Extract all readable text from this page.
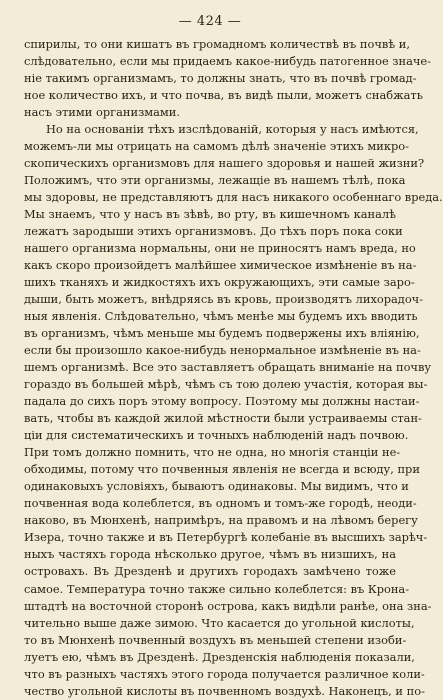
— 424 —
спирилы, то они кишатъ въ громадномъ количествѣ въ почвѣ и,
слѣдовательно, если мы придаемъ какое-нибудь патогенное значе-
ніе такимъ организмамъ, то должны знать, что въ почвѣ громад-
ное количество ихъ, и что почва, въ видѣ пыли, можетъ снабжать
насъ этими организмами.
Но на основаніи тѣхъ изслѣдованій, которыя у насъ имѣются,
можемъ-ли мы отрицать на самомъ дѣлѣ значеніе этихъ микро-
скопическихъ организмовъ для нашего здоровья и нашей жизни?
Положимъ, что эти организмы, лежащіе въ нашемъ тѣлѣ, пока
мы здоровы, не представляютъ для насъ никакого особеннаго вреда.
Мы знаемъ, что у насъ въ зѣвѣ, во рту, въ кишечномъ каналѣ
лежатъ зародыши этихъ организмовъ. До тѣхъ поръ пока соки
нашего организма нормальны, они не приносятъ намъ вреда, но
какъ скоро произойдетъ малѣйшее химическое измѣненіе въ на-
шихъ тканяхъ и жидкостяхъ ихъ окружающихъ, эти самые заро-
дыши, быть можетъ, внѣдряясь въ кровь, производятъ лихорадоч-
ныя явленія. Слѣдовательно, чѣмъ менѣе мы будемъ ихъ вводить
въ организмъ, чѣмъ меньше мы будемъ подвержены ихъ вліянію,
если бы произошло какое-нибудь ненормальное измѣненіе въ на-
шемъ организмѣ. Все это заставляетъ обращать вниманіе на почву
гораздо въ большей мѣрѣ, чѣмъ съ тою долею участія, которая вы-
падала до сихъ поръ этому вопросу. Поэтому мы должны настаи-
вать, чтобы въ каждой жилой мѣстности были устраиваемы стан-
ціи для систематическихъ и точныхъ наблюденій надъ почвою.
При томъ должно помнить, что не одна, но многія станціи не-
обходимы, потому что почвенныя явленія не всегда и всюду, при
одинаковыхъ условіяхъ, бываютъ одинаковы. Мы видимъ, что и
почвенная вода колеблется, въ одномъ и томъ-же городѣ, неоди-
наково, въ Мюнхенѣ, напримѣръ, на правомъ и на лѣвомъ берегу
Изера, точно также и въ Петербургѣ колебаніе въ высшихъ зарѣч-
ныхъ частяхъ города нѣсколько другое, чѣмъ въ низшихъ, на
островахъ. Въ Дрезденѣ и другихъ городахъ замѣчено тоже
самое. Температура точно также сильно колеблется: въ Крона-
штадтѣ на восточной сторонѣ острова, какъ видѣли ранѣе, она зна-
чительно выше даже зимою. Что касается до угольной кислоты,
то въ Мюнхенѣ почвенный воздухъ въ меньшей степени изоби-
луетъ ею, чѣмъ въ Дрезденѣ. Дрезденскія наблюденія показали,
что въ разныхъ частяхъ этого города получается различное коли-
чество угольной кислоты въ почвенномъ воздухѣ. Наконецъ, и по-
